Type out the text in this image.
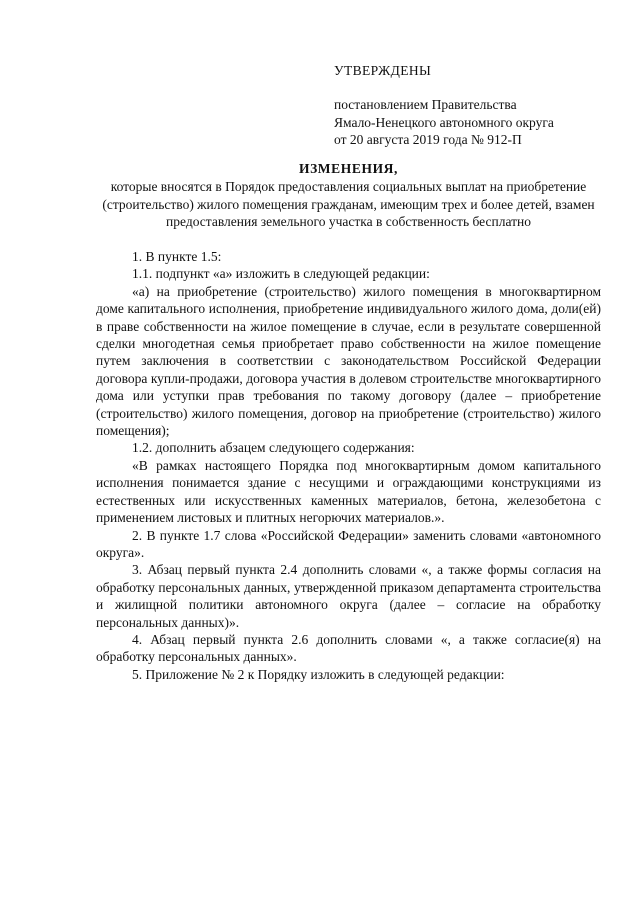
УТВЕРЖДЕНЫ
постановлением Правительства
Ямало-Ненецкого автономного округа
от 20 августа 2019 года № 912-П
ИЗМЕНЕНИЯ,
которые вносятся в Порядок предоставления социальных выплат на приобретение (строительство) жилого помещения гражданам, имеющим трех и более детей, взамен предоставления земельного участка в собственность бесплатно

1. В пункте 1.5:

1.1. подпункт «а» изложить в следующей редакции:

«а) на приобретение (строительство) жилого помещения в многоквартирном доме капитального исполнения, приобретение индивидуального жилого дома, доли(ей) в праве собственности на жилое помещение в случае, если в результате совершенной сделки многодетная семья приобретает право собственности на жилое помещение путем заключения в соответствии с законодательством Российской Федерации договора купли-продажи, договора участия в долевом строительстве многоквартирного дома или уступки прав требования по такому договору (далее – приобретение (строительство) жилого помещения, договор на приобретение (строительство) жилого помещения);

1.2. дополнить абзацем следующего содержания:

«В рамках настоящего Порядка под многоквартирным домом капитального исполнения понимается здание с несущими и ограждающими конструкциями из естественных или искусственных каменных материалов, бетона, железобетона с применением листовых и плитных негорючих материалов.».

2. В пункте 1.7 слова «Российской Федерации» заменить словами «автономного округа».

3. Абзац первый пункта 2.4 дополнить словами «, а также формы согласия на обработку персональных данных, утвержденной приказом департамента строительства и жилищной политики автономного округа (далее – согласие на обработку персональных данных)».

4. Абзац первый пункта 2.6 дополнить словами «, а также согласие(я) на обработку персональных данных».

5. Приложение № 2 к Порядку изложить в следующей редакции:
